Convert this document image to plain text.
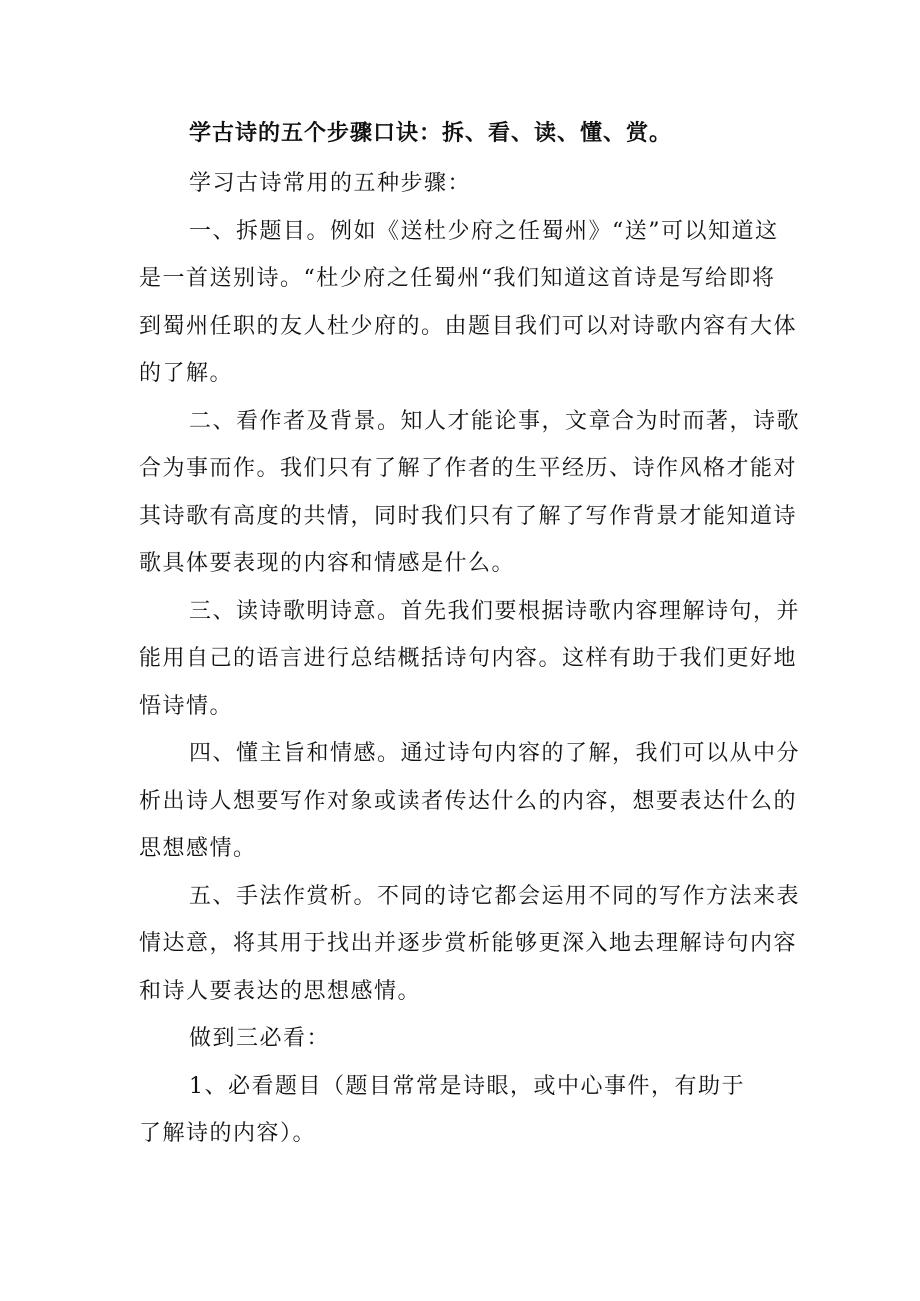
学古诗的五个步骤口诀：拆、看、读、懂、赏。
学习古诗常用的五种步骤：
一、拆题目。例如《送杜少府之任蜀州》“送”可以知道这
是一首送别诗。“杜少府之任蜀州“我们知道这首诗是写给即将
到蜀州任职的友人杜少府的。由题目我们可以对诗歌内容有大体
的了解。
二、看作者及背景。知人才能论事，文章合为时而著，诗歌
合为事而作。我们只有了解了作者的生平经历、诗作风格才能对
其诗歌有高度的共情，同时我们只有了解了写作背景才能知道诗
歌具体要表现的内容和情感是什么。
三、读诗歌明诗意。首先我们要根据诗歌内容理解诗句，并
能用自己的语言进行总结概括诗句内容。这样有助于我们更好地
悟诗情。
四、懂主旨和情感。通过诗句内容的了解，我们可以从中分
析出诗人想要写作对象或读者传达什么的内容，想要表达什么的
思想感情。
五、手法作赏析。不同的诗它都会运用不同的写作方法来表
情达意，将其用于找出并逐步赏析能够更深入地去理解诗句内容
和诗人要表达的思想感情。
做到三必看：
1、必看题目（题目常常是诗眼，或中心事件，有助于
了解诗的内容）。
